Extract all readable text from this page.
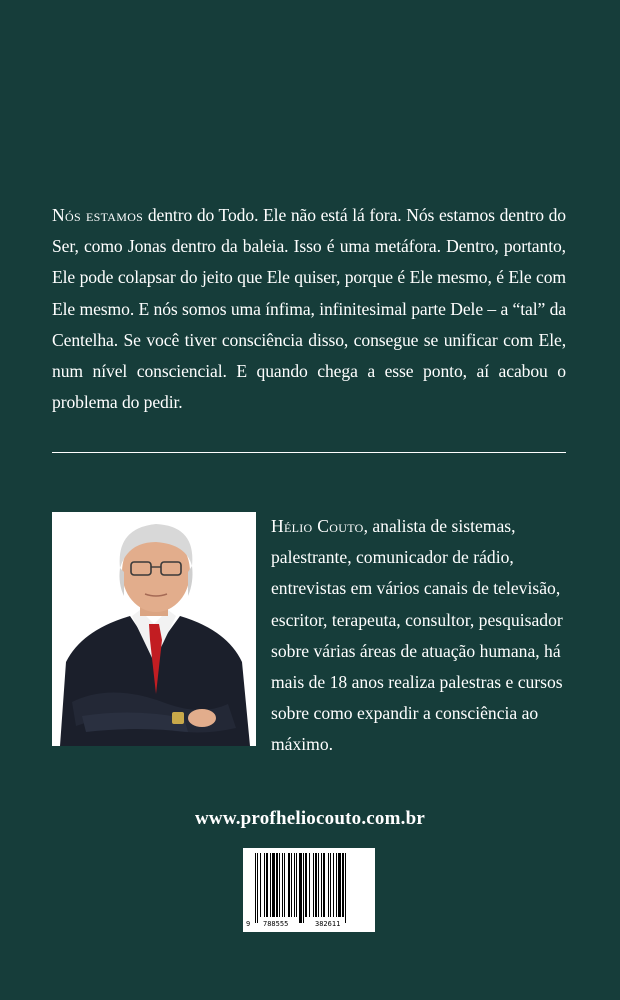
Nós estamos dentro do Todo. Ele não está lá fora. Nós estamos dentro do Ser, como Jonas dentro da baleia. Isso é uma metáfora. Dentro, portanto, Ele pode colapsar do jeito que Ele quiser, porque é Ele mesmo, é Ele com Ele mesmo. E nós somos uma ínfima, infinitesimal parte Dele – a “tal” da Centelha. Se você tiver consciência disso, consegue se unificar com Ele, num nível consciencial. E quando chega a esse ponto, aí acabou o problema do pedir.
Hélio Couto, analista de sistemas, palestrante, comunicador de rádio, entrevistas em vários canais de televisão, escritor, terapeuta, consultor, pesquisador sobre várias áreas de atuação humana, há mais de 18 anos realiza palestras e cursos sobre como expandir a consciência ao máximo.
www.profheliocouto.com.br
9 788555	382611
